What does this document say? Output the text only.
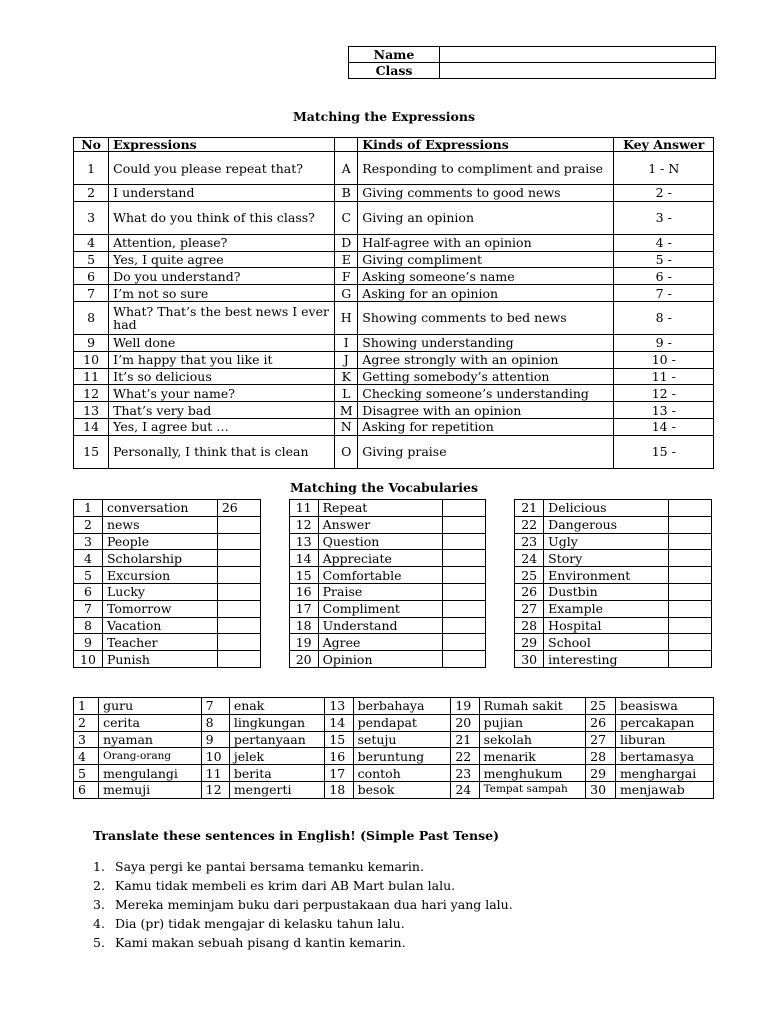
Name	
Class	
Matching the Expressions
No	Expressions		Kinds of Expressions	Key Answer
1	Could you please repeat that?	A	Responding to compliment and praise	1 - N
2	I understand	B	Giving comments to good news	2 -
3	What do you think of this class?	C	Giving an opinion	3 -
4	Attention, please?	D	Half-agree with an opinion	4 -
5	Yes, I quite agree	E	Giving compliment	5 -
6	Do you understand?	F	Asking someone’s name	6 -
7	I’m not so sure	G	Asking for an opinion	7 -
8	What? That’s the best news I ever had	H	Showing comments to bed news	8 -
9	Well done	I	Showing understanding	9 -
10	I’m happy that you like it	J	Agree strongly with an opinion	10 -
11	It’s so delicious	K	Getting somebody’s attention	11 -
12	What’s your name?	L	Checking someone’s understanding	12 -
13	That’s very bad	M	Disagree with an opinion	13 -
14	Yes, I agree but …	N	Asking for repetition	14 -
15	Personally, I think that is clean	O	Giving praise	15 -
Matching the Vocabularies
1	conversation	26		11	Repeat			21	Delicious	
2	news			12	Answer			22	Dangerous	
3	People			13	Question			23	Ugly	
4	Scholarship			14	Appreciate			24	Story	
5	Excursion			15	Comfortable			25	Environment	
6	Lucky			16	Praise			26	Dustbin	
7	Tomorrow			17	Compliment			27	Example	
8	Vacation			18	Understand			28	Hospital	
9	Teacher			19	Agree			29	School	
10	Punish			20	Opinion			30	interesting	
1	guru	7	enak	13	berbahaya	19	Rumah sakit	25	beasiswa
2	cerita	8	lingkungan	14	pendapat	20	pujian	26	percakapan
3	nyaman	9	pertanyaan	15	setuju	21	sekolah	27	liburan
4	Orang-orang	10	jelek	16	beruntung	22	menarik	28	bertamasya
5	mengulangi	11	berita	17	contoh	23	menghukum	29	menghargai
6	memuji	12	mengerti	18	besok	24	Tempat sampah	30	menjawab
Translate these sentences in English! (Simple Past Tense)
1. Saya pergi ke pantai bersama temanku kemarin.
2. Kamu tidak membeli es krim dari AB Mart bulan lalu.
3. Mereka meminjam buku dari perpustakaan dua hari yang lalu.
4. Dia (pr) tidak mengajar di kelasku tahun lalu.
5. Kami makan sebuah pisang d kantin kemarin.
